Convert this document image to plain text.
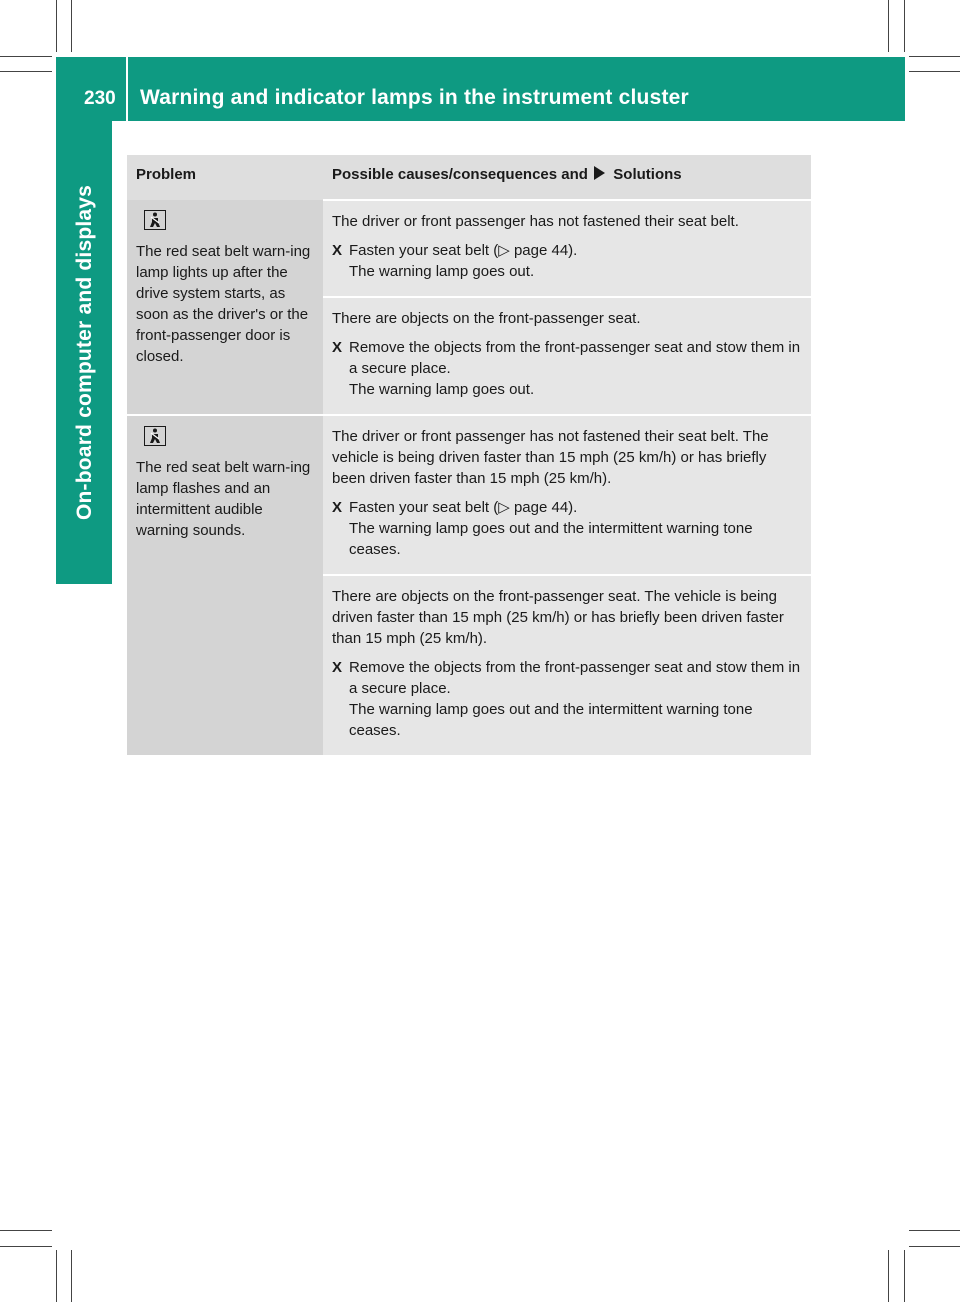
230 Warning and indicator lamps in the instrument cluster
On-board computer and displays
Problem	Possible causes/consequences and Solutions

The red seat belt warn-ing lamp lights up after the drive system starts, as soon as the driver's or the front-passenger door is closed.	The driver or front passenger has not fastened their seat belt.

X Fasten your seat belt (▷ page 44).

The warning lamp goes out.

	There are objects on the front-passenger seat.

X Remove the objects from the front-passenger seat and stow them in a secure place.

The warning lamp goes out.

The red seat belt warn-ing lamp flashes and an intermittent audible warning sounds.	The driver or front passenger has not fastened their seat belt. The vehicle is being driven faster than 15 mph (25 km/h) or has briefly been driven faster than 15 mph (25 km/h).

X Fasten your seat belt (▷ page 44).

The warning lamp goes out and the intermittent warning tone ceases.

	There are objects on the front-passenger seat. The vehicle is being driven faster than 15 mph (25 km/h) or has briefly been driven faster than 15 mph (25 km/h).

X Remove the objects from the front-passenger seat and stow them in a secure place.

The warning lamp goes out and the intermittent warning tone ceases.
